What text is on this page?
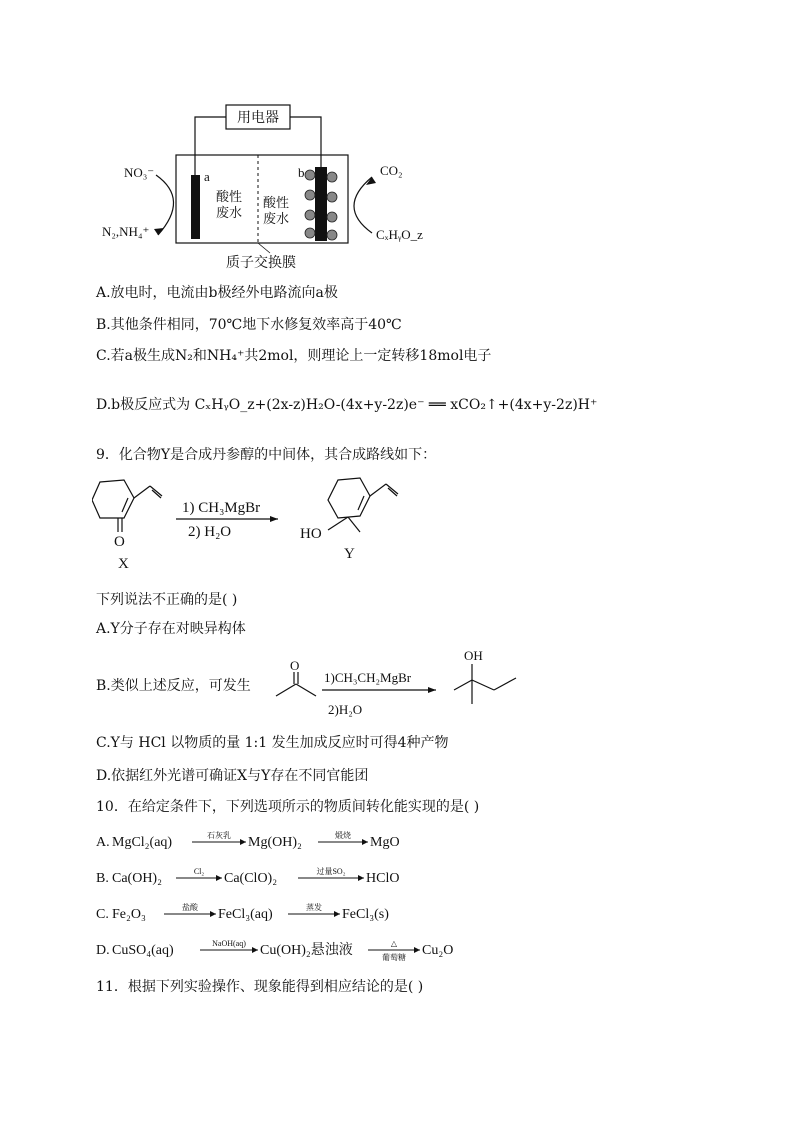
用电器
NO₃⁻
N₂,NH₄⁺
a	b
酸性
废水
酸性
废水
CO₂
CₓHᵧO_z
质子交换膜
A.放电时，电流由b极经外电路流向a极
B.其他条件相同，70℃地下水修复效率高于40℃
C.若a极生成N₂和NH₄⁺共2mol，则理论上一定转移18mol电子
D.b极反应式为 CₓHᵧO_z+(2x-z)H₂O-(4x+y-2z)e⁻ ══ xCO₂↑+(4x+y-2z)H⁺
9．化合物Y是合成丹参醇的中间体，其合成路线如下：
O
X
1) CH₃MgBr
2) H₂O	HO
Y
下列说法不正确的是( )
A.Y分子存在对映异构体
B.类似上述反应，可发生
O
1)CH₃CH₂MgBr
2)H₂O
OH
C.Y与 HCl 以物质的量 1:1 发生加成反应时可得4种产物
D.依据红外光谱可确证X与Y存在不同官能团
10．在给定条件下，下列选项所示的物质间转化能实现的是( )
A. MgCl₂(aq)	石灰乳 Mg(OH)₂	煅烧 MgO
B. Ca(OH)₂	Cl₂ Ca(ClO)₂	过量SO₂ HClO
C. Fe₂O₃	盐酸 FeCl₃(aq)	蒸发 FeCl₃(s)
D. CuSO₄(aq)	NaOH(aq) Cu(OH)₂悬浊液	△
葡萄糖 Cu₂O
11．根据下列实验操作、现象能得到相应结论的是( )
